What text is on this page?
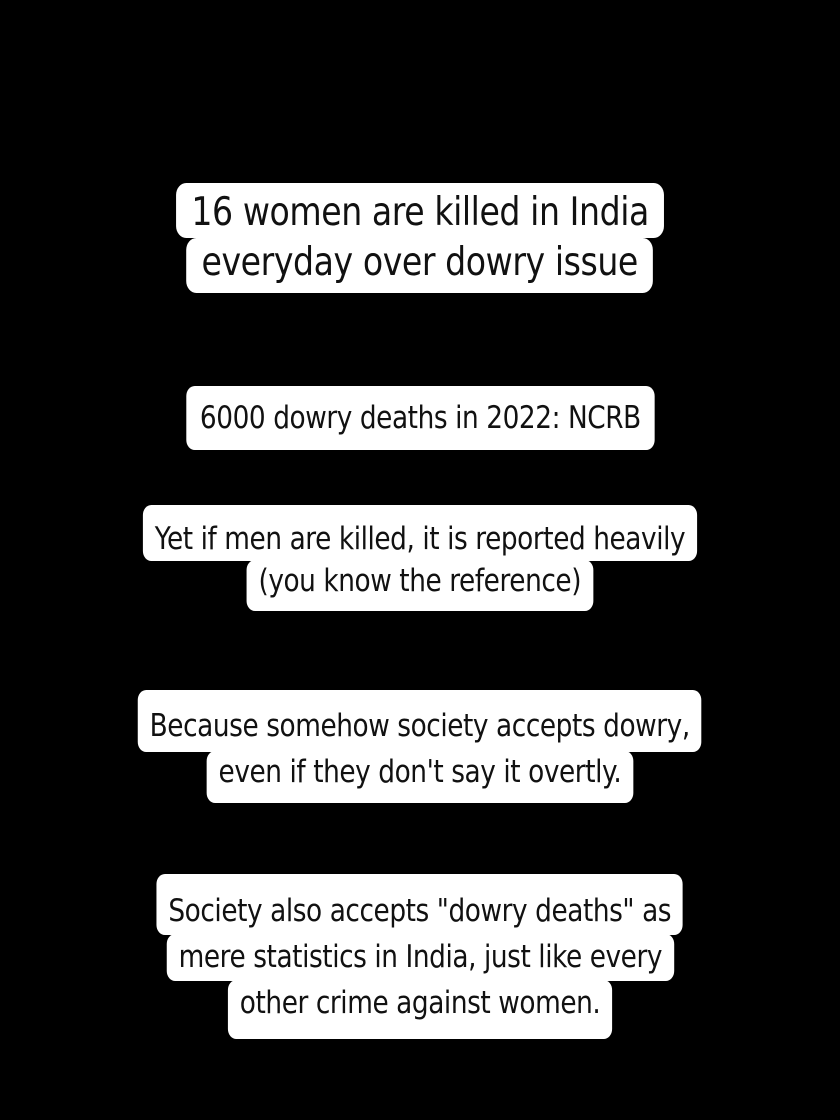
16 women are killed in India
everyday over dowry issue
6000 dowry deaths in 2022: NCRB
Yet if men are killed, it is reported heavily
(you know the reference)
Because somehow society accepts dowry,
even if they don't say it overtly.
Society also accepts "dowry deaths" as
mere statistics in India, just like every
other crime against women.
